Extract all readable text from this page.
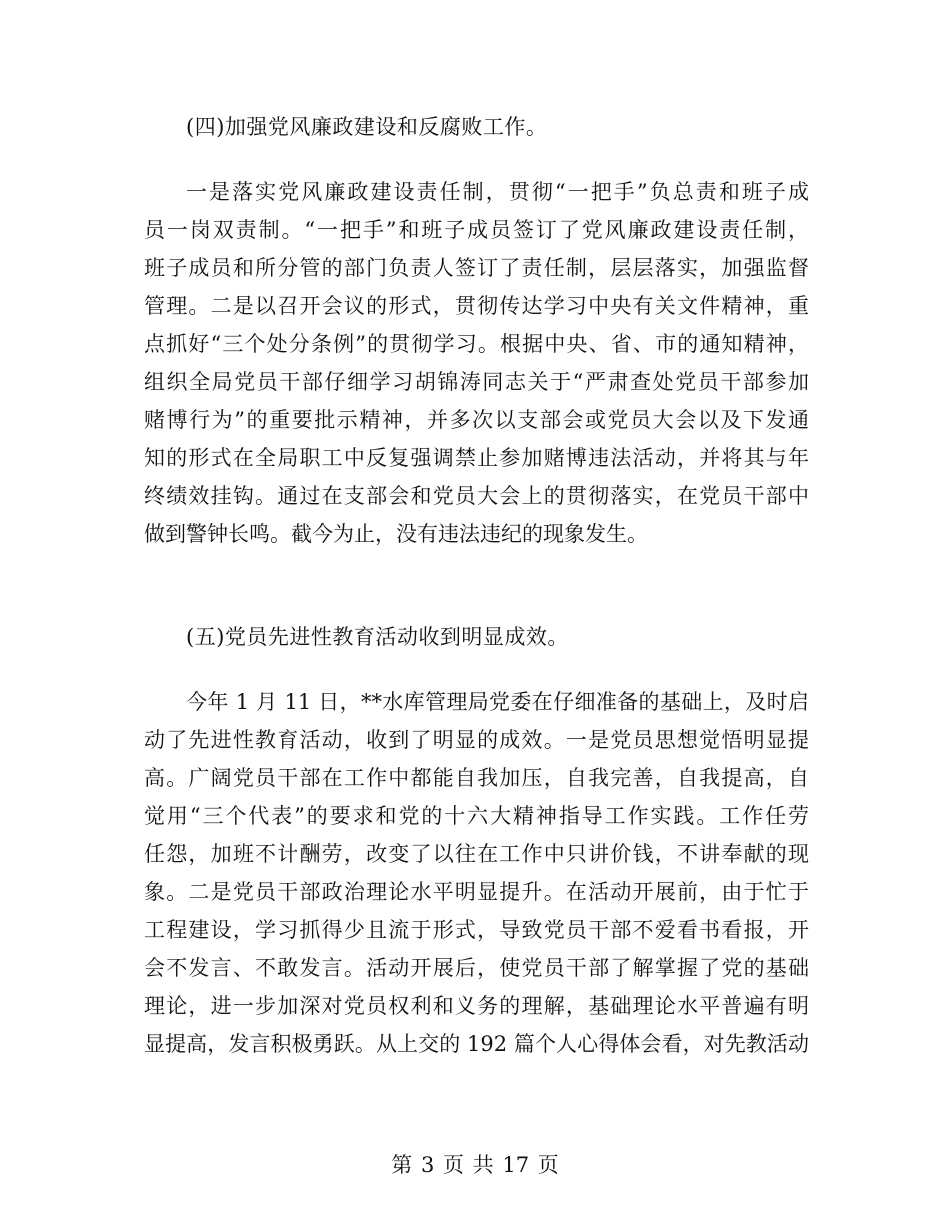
(四)加强党风廉政建设和反腐败工作。
一是落实党风廉政建设责任制，贯彻“一把手”负总责和班子成
员一岗双责制。“一把手”和班子成员签订了党风廉政建设责任制，
班子成员和所分管的部门负责人签订了责任制，层层落实，加强监督
管理。二是以召开会议的形式，贯彻传达学习中央有关文件精神，重
点抓好“三个处分条例”的贯彻学习。根据中央、省、市的通知精神，
组织全局党员干部仔细学习胡锦涛同志关于“严肃查处党员干部参加
赌博行为”的重要批示精神，并多次以支部会或党员大会以及下发通
知的形式在全局职工中反复强调禁止参加赌博违法活动，并将其与年
终绩效挂钩。通过在支部会和党员大会上的贯彻落实，在党员干部中
做到警钟长鸣。截今为止，没有违法违纪的现象发生。
(五)党员先进性教育活动收到明显成效。
今年 1 月 11 日，**水库管理局党委在仔细准备的基础上，及时启
动了先进性教育活动，收到了明显的成效。一是党员思想觉悟明显提
高。广阔党员干部在工作中都能自我加压，自我完善，自我提高，自
觉用“三个代表”的要求和党的十六大精神指导工作实践。工作任劳
任怨，加班不计酬劳，改变了以往在工作中只讲价钱，不讲奉献的现
象。二是党员干部政治理论水平明显提升。在活动开展前，由于忙于
工程建设，学习抓得少且流于形式，导致党员干部不爱看书看报，开
会不发言、不敢发言。活动开展后，使党员干部了解掌握了党的基础
理论，进一步加深对党员权利和义务的理解，基础理论水平普遍有明
显提高，发言积极勇跃。从上交的 192 篇个人心得体会看，对先教活动
第 3 页 共 17 页
